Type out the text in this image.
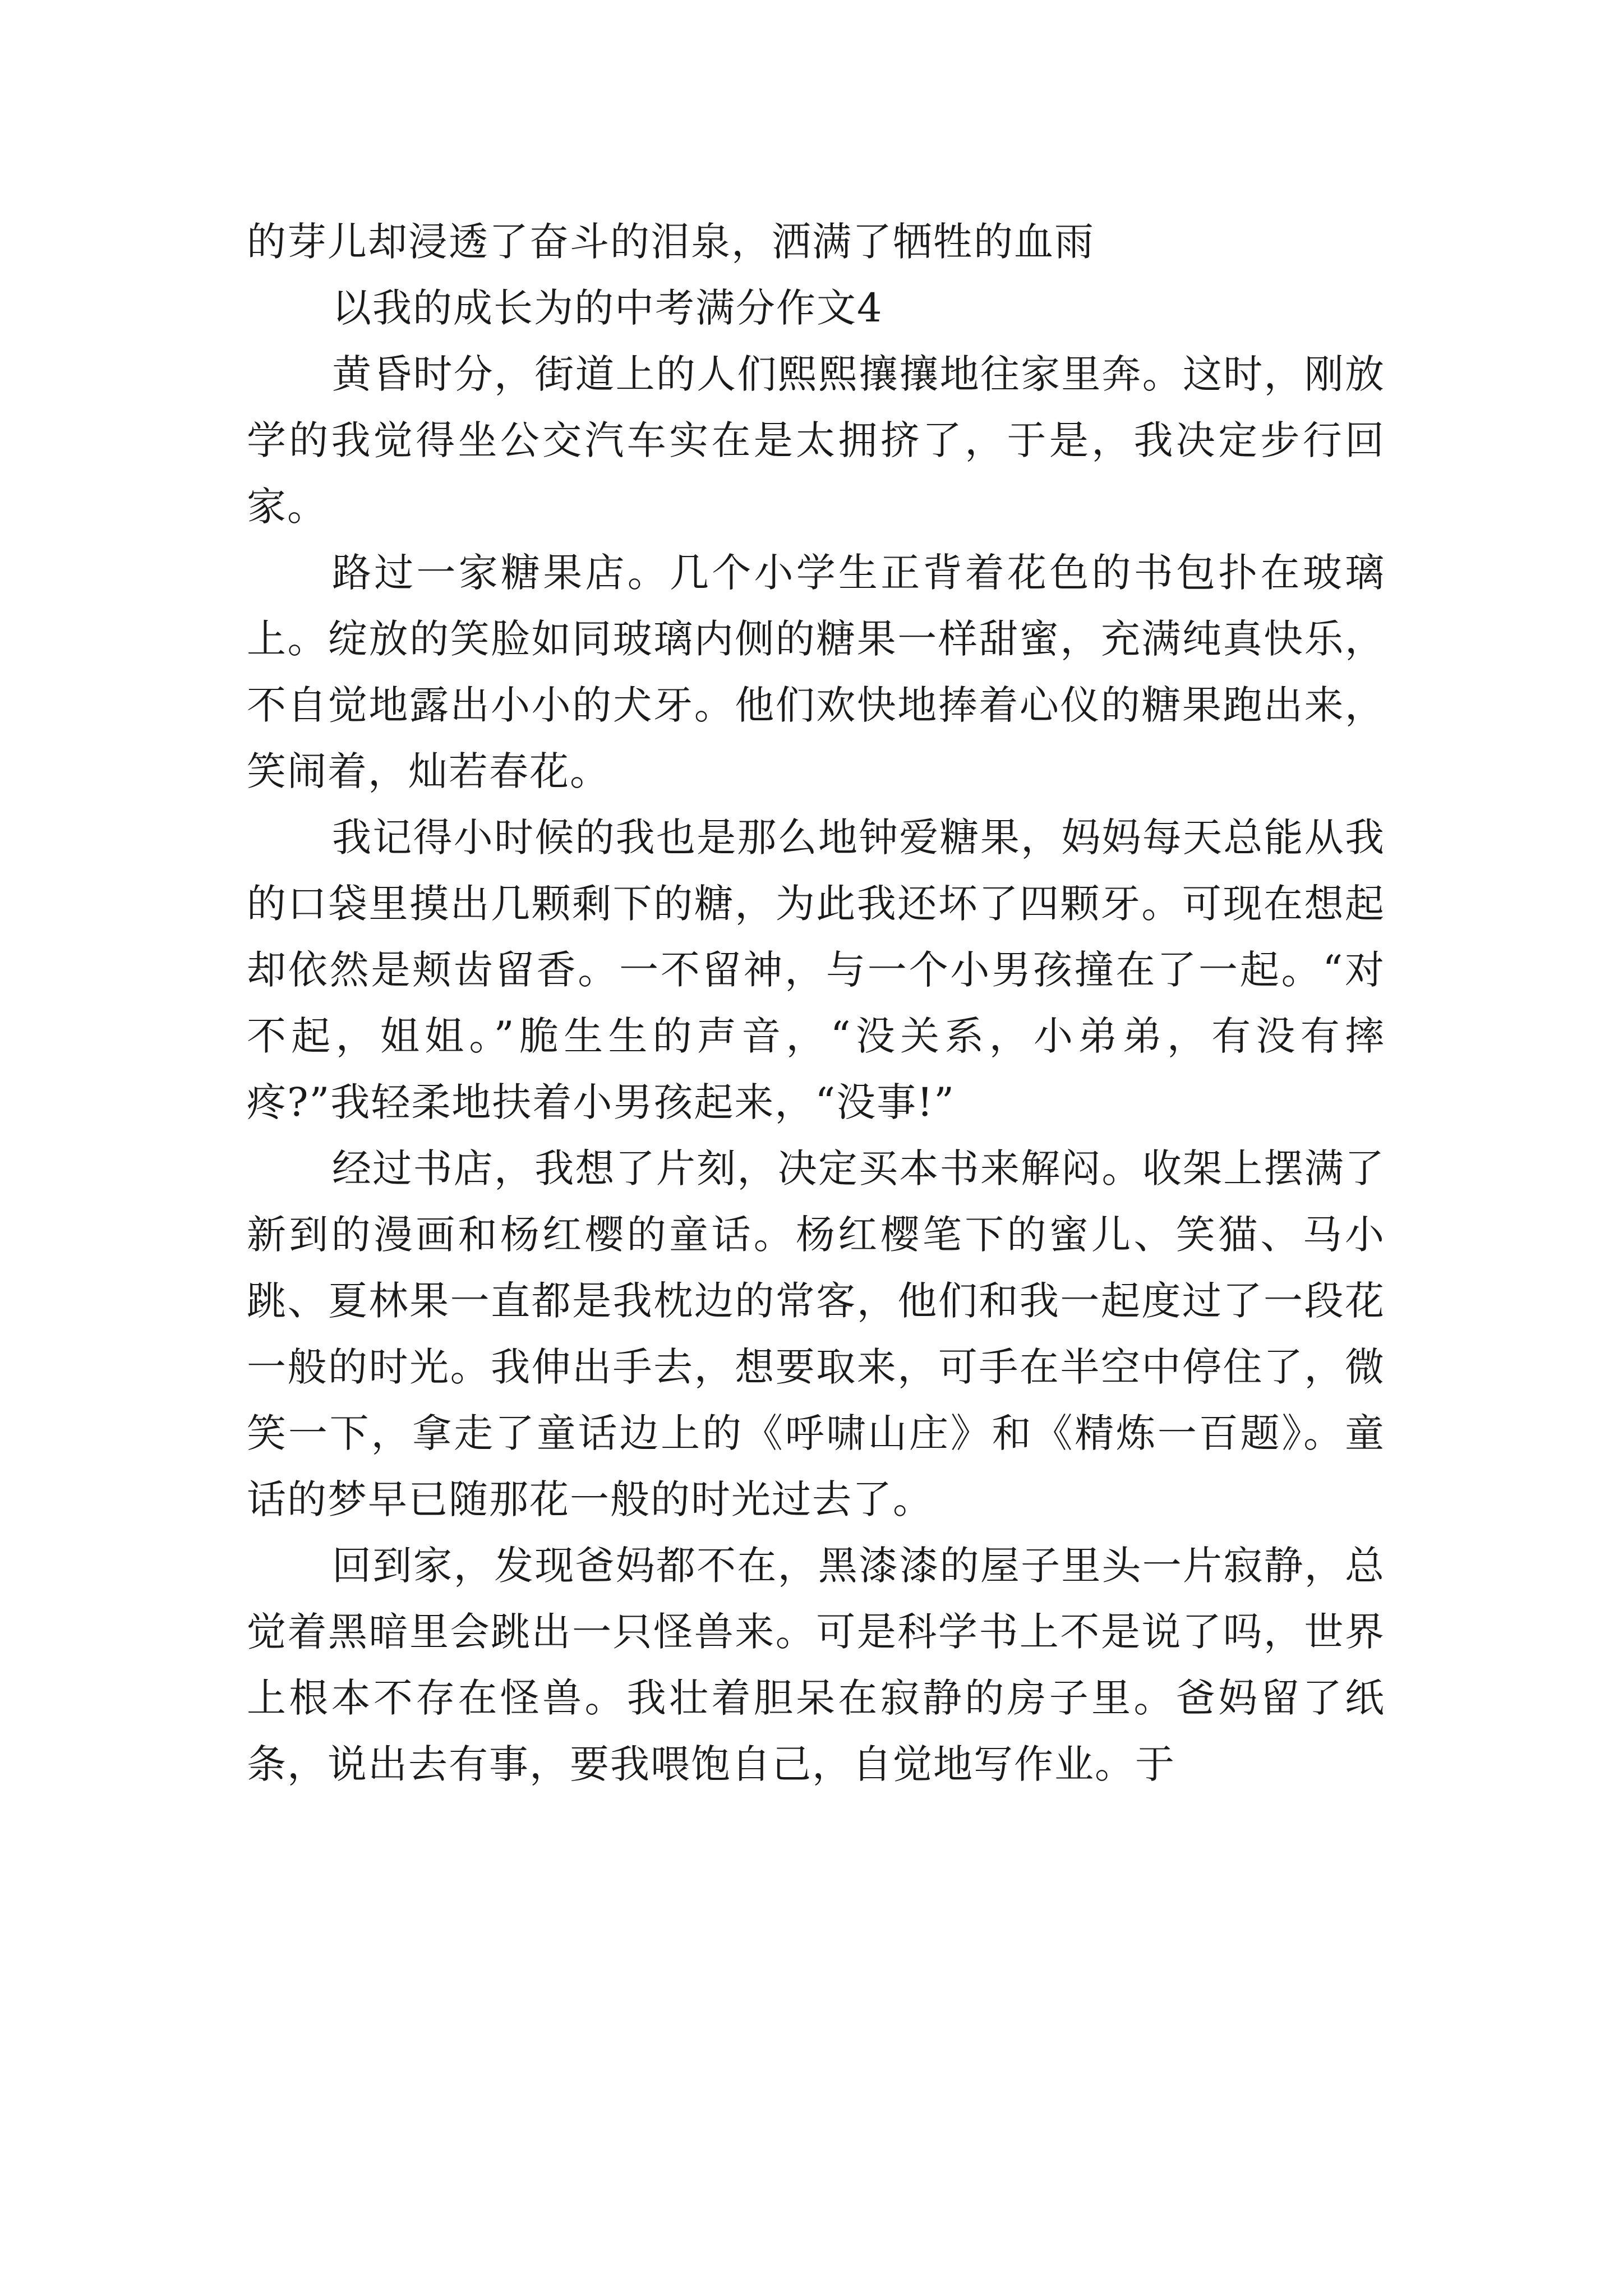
的芽儿却浸透了奋斗的泪泉，洒满了牺牲的血雨

以我的成长为的中考满分作文4

黄昏时分，街道上的人们熙熙攘攘地往家里奔。这时，刚放学的我觉得坐公交汽车实在是太拥挤了，于是，我决定步行回家。

路过一家糖果店。几个小学生正背着花色的书包扑在玻璃上。绽放的笑脸如同玻璃内侧的糖果一样甜蜜，充满纯真快乐，不自觉地露出小小的犬牙。他们欢快地捧着心仪的糖果跑出来，笑闹着，灿若春花。

我记得小时候的我也是那么地钟爱糖果，妈妈每天总能从我的口袋里摸出几颗剩下的糖，为此我还坏了四颗牙。可现在想起却依然是颊齿留香。一不留神，与一个小男孩撞在了一起。“对不起，姐姐。”脆生生的声音，“没关系，小弟弟，有没有摔疼?”我轻柔地扶着小男孩起来，“没事!”

经过书店，我想了片刻，决定买本书来解闷。收架上摆满了新到的漫画和杨红樱的童话。杨红樱笔下的蜜儿、笑猫、马小跳、夏林果一直都是我枕边的常客，他们和我一起度过了一段花一般的时光。我伸出手去，想要取来，可手在半空中停住了，微笑一下，拿走了童话边上的《呼啸山庄》和《精炼一百题》。童话的梦早已随那花一般的时光过去了。

回到家，发现爸妈都不在，黑漆漆的屋子里头一片寂静，总觉着黑暗里会跳出一只怪兽来。可是科学书上不是说了吗，世界上根本不存在怪兽。我壮着胆呆在寂静的房子里。爸妈留了纸条，说出去有事，要我喂饱自己，自觉地写作业。于
